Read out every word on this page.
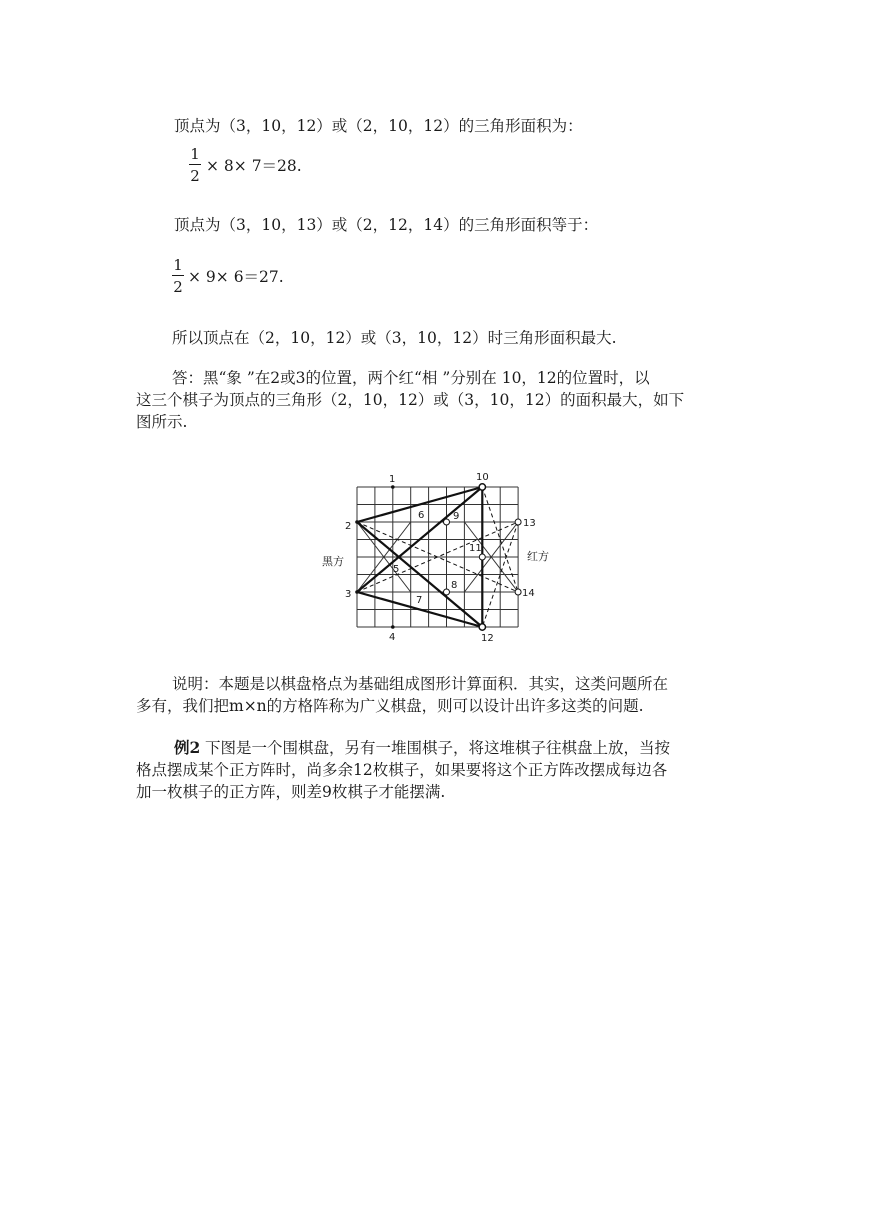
顶点为（3，10，12）或（2，10，12）的三角形面积为：
1
2
× 8× 7＝28.
顶点为（3，10，13）或（2，12，14）的三角形面积等于：
1
2
× 9× 6＝27.
所以顶点在（2，10，12）或（3，10，12）时三角形面积最大.
答：黑“象 ”在2或3的位置，两个红“相 ”分别在 10，12的位置时，以
这三个棋子为顶点的三角形（2，10，12）或（3，10，12）的面积最大，如下
图所示.
1
2
3
4
5
6
7
8
9
10
11
12
13
14
黑方	红方
说明：本题是以棋盘格点为基础组成图形计算面积．其实，这类问题所在
多有，我们把m×n的方格阵称为广义棋盘，则可以设计出许多这类的问题.
例2 下图是一个围棋盘，另有一堆围棋子，将这堆棋子往棋盘上放，当按
格点摆成某个正方阵时，尚多余12枚棋子，如果要将这个正方阵改摆成每边各
加一枚棋子的正方阵，则差9枚棋子才能摆满.
